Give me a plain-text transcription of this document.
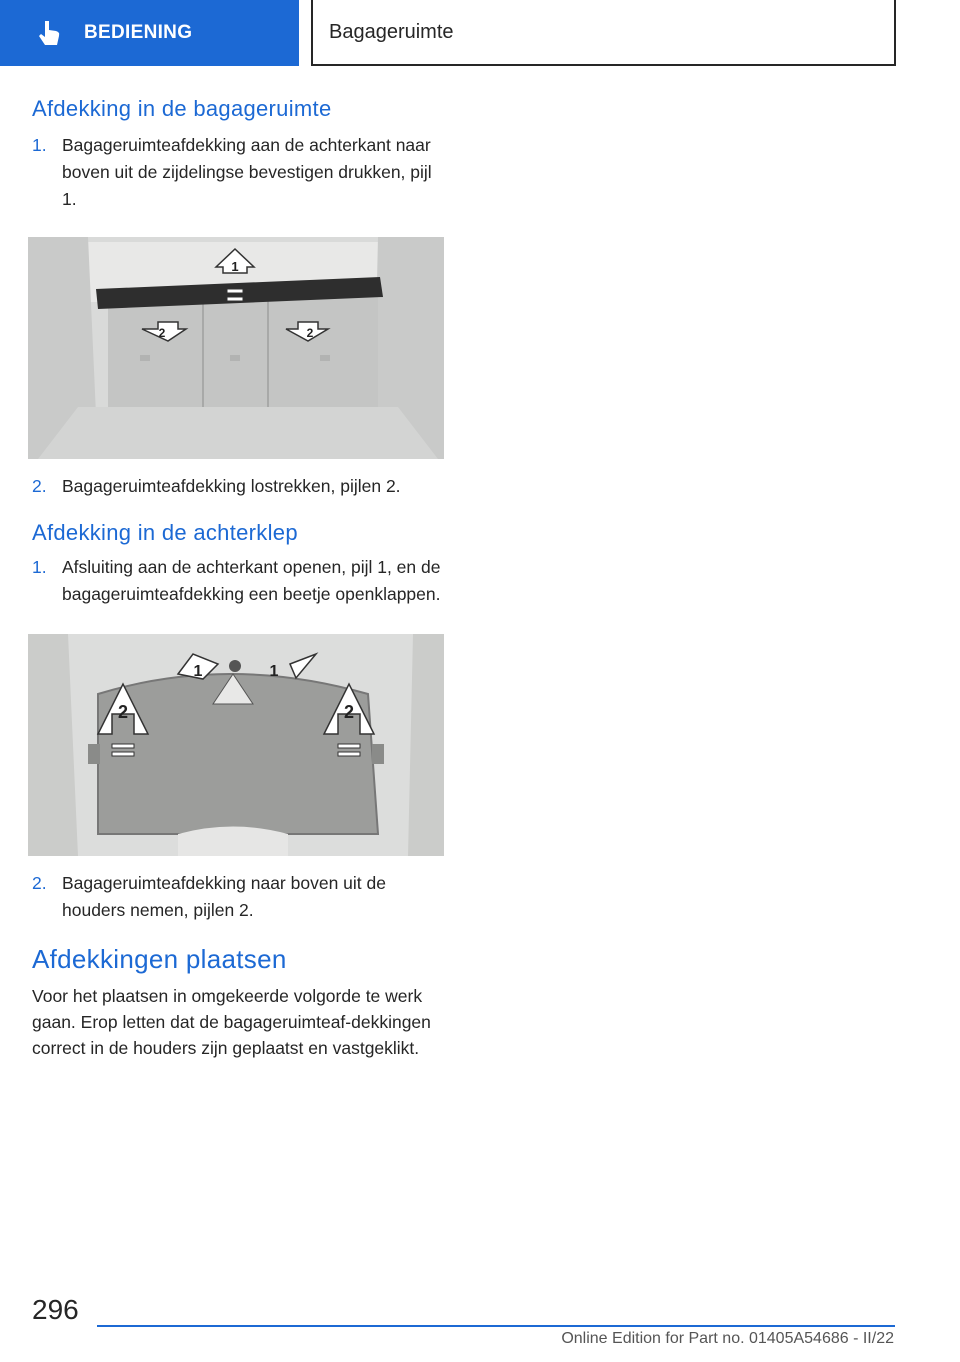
BEDIENING	Bagageruimte
Afdekking in de bagageruimte
1. Bagageruimteafdekking aan de achterkant naar boven uit de zijdelingse bevestigen drukken, pijl 1.
1
2	2
2. Bagageruimteafdekking lostrekken, pijlen 2.
Afdekking in de achterklep
1. Afsluiting aan de achterkant openen, pijl 1, en de bagageruimteafdekking een beetje openklappen.
1	1
2	2
2. Bagageruimteafdekking naar boven uit de houders nemen, pijlen 2.
Afdekkingen plaatsen

Voor het plaatsen in omgekeerde volgorde te werk gaan. Erop letten dat de bagageruimteaf‐dekkingen correct in de houders zijn geplaatst en vastgeklikt.

296
Online Edition for Part no. 01405A54686 - II/22
